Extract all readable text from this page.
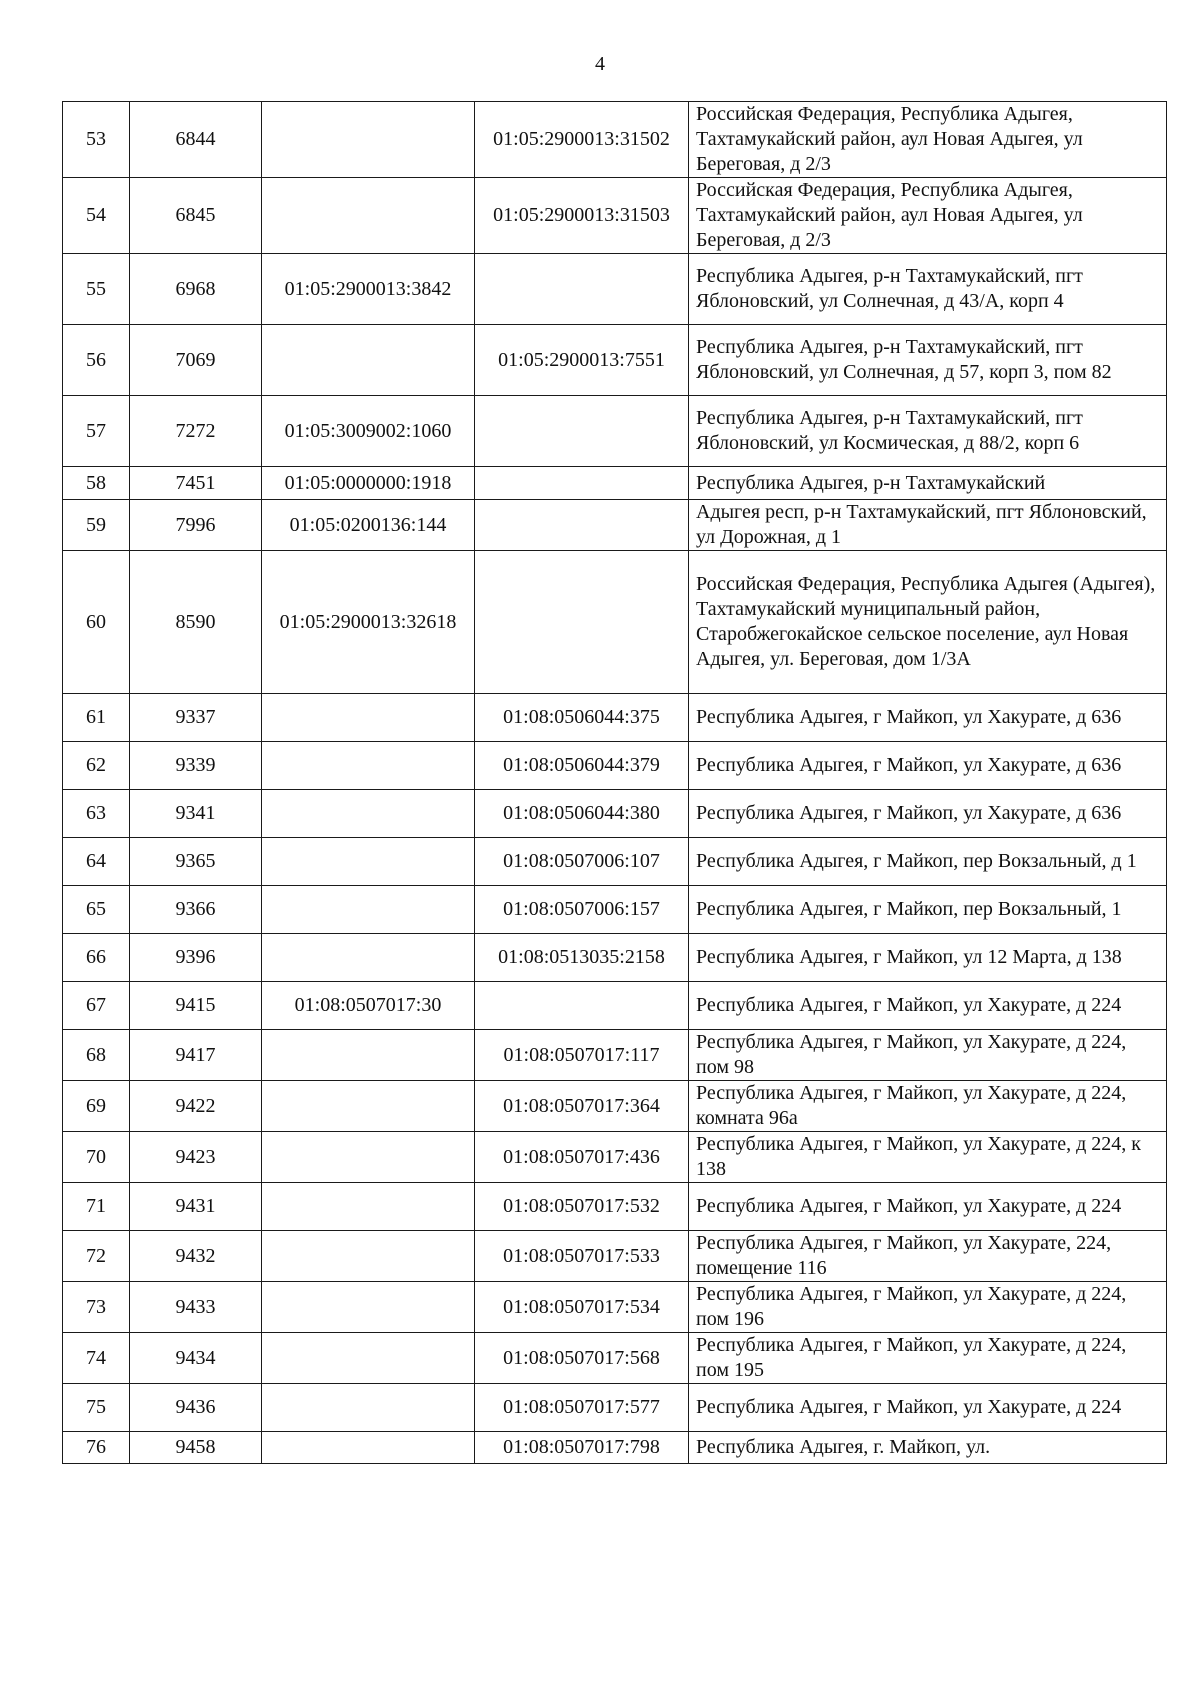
4
53	6844		01:05:2900013:31502	Российская Федерация, Республика Адыгея, Тахтамукайский район, аул Новая Адыгея, ул Береговая, д 2/3
54	6845		01:05:2900013:31503	Российская Федерация, Республика Адыгея, Тахтамукайский район, аул Новая Адыгея, ул Береговая, д 2/3
55	6968	01:05:2900013:3842		Республика Адыгея, р-н Тахтамукайский, пгт Яблоновский, ул Солнечная, д 43/А, корп 4
56	7069		01:05:2900013:7551	Республика Адыгея, р-н Тахтамукайский, пгт Яблоновский, ул Солнечная, д 57, корп 3, пом 82
57	7272	01:05:3009002:1060		Республика Адыгея, р-н Тахтамукайский, пгт Яблоновский, ул Космическая, д 88/2, корп 6
58	7451	01:05:0000000:1918		Республика Адыгея, р-н Тахтамукайский
59	7996	01:05:0200136:144		Адыгея респ, р-н Тахтамукайский, пгт Яблоновский, ул Дорожная, д 1
60	8590	01:05:2900013:32618		Российская Федерация, Республика Адыгея (Адыгея), Тахтамукайский муниципальный район, Старобжегокайское сельское поселение, аул Новая Адыгея, ул. Береговая, дом 1/3А
61	9337		01:08:0506044:375	Республика Адыгея, г Майкоп, ул Хакурате, д 636
62	9339		01:08:0506044:379	Республика Адыгея, г Майкоп, ул Хакурате, д 636
63	9341		01:08:0506044:380	Республика Адыгея, г Майкоп, ул Хакурате, д 636
64	9365		01:08:0507006:107	Республика Адыгея, г Майкоп, пер Вокзальный, д 1
65	9366		01:08:0507006:157	Республика Адыгея, г Майкоп, пер Вокзальный, 1
66	9396		01:08:0513035:2158	Республика Адыгея, г Майкоп, ул 12 Марта, д 138
67	9415	01:08:0507017:30		Республика Адыгея, г Майкоп, ул Хакурате, д 224
68	9417		01:08:0507017:117	Республика Адыгея, г Майкоп, ул Хакурате, д 224, пом 98
69	9422		01:08:0507017:364	Республика Адыгея, г Майкоп, ул Хакурате, д 224, комната 96а
70	9423		01:08:0507017:436	Республика Адыгея, г Майкоп, ул Хакурате, д 224, к 138
71	9431		01:08:0507017:532	Республика Адыгея, г Майкоп, ул Хакурате, д 224
72	9432		01:08:0507017:533	Республика Адыгея, г Майкоп, ул Хакурате, 224, помещение 116
73	9433		01:08:0507017:534	Республика Адыгея, г Майкоп, ул Хакурате, д 224, пом 196
74	9434		01:08:0507017:568	Республика Адыгея, г Майкоп, ул Хакурате, д 224, пом 195
75	9436		01:08:0507017:577	Республика Адыгея, г Майкоп, ул Хакурате, д 224
76	9458		01:08:0507017:798	Республика Адыгея, г. Майкоп, ул.
